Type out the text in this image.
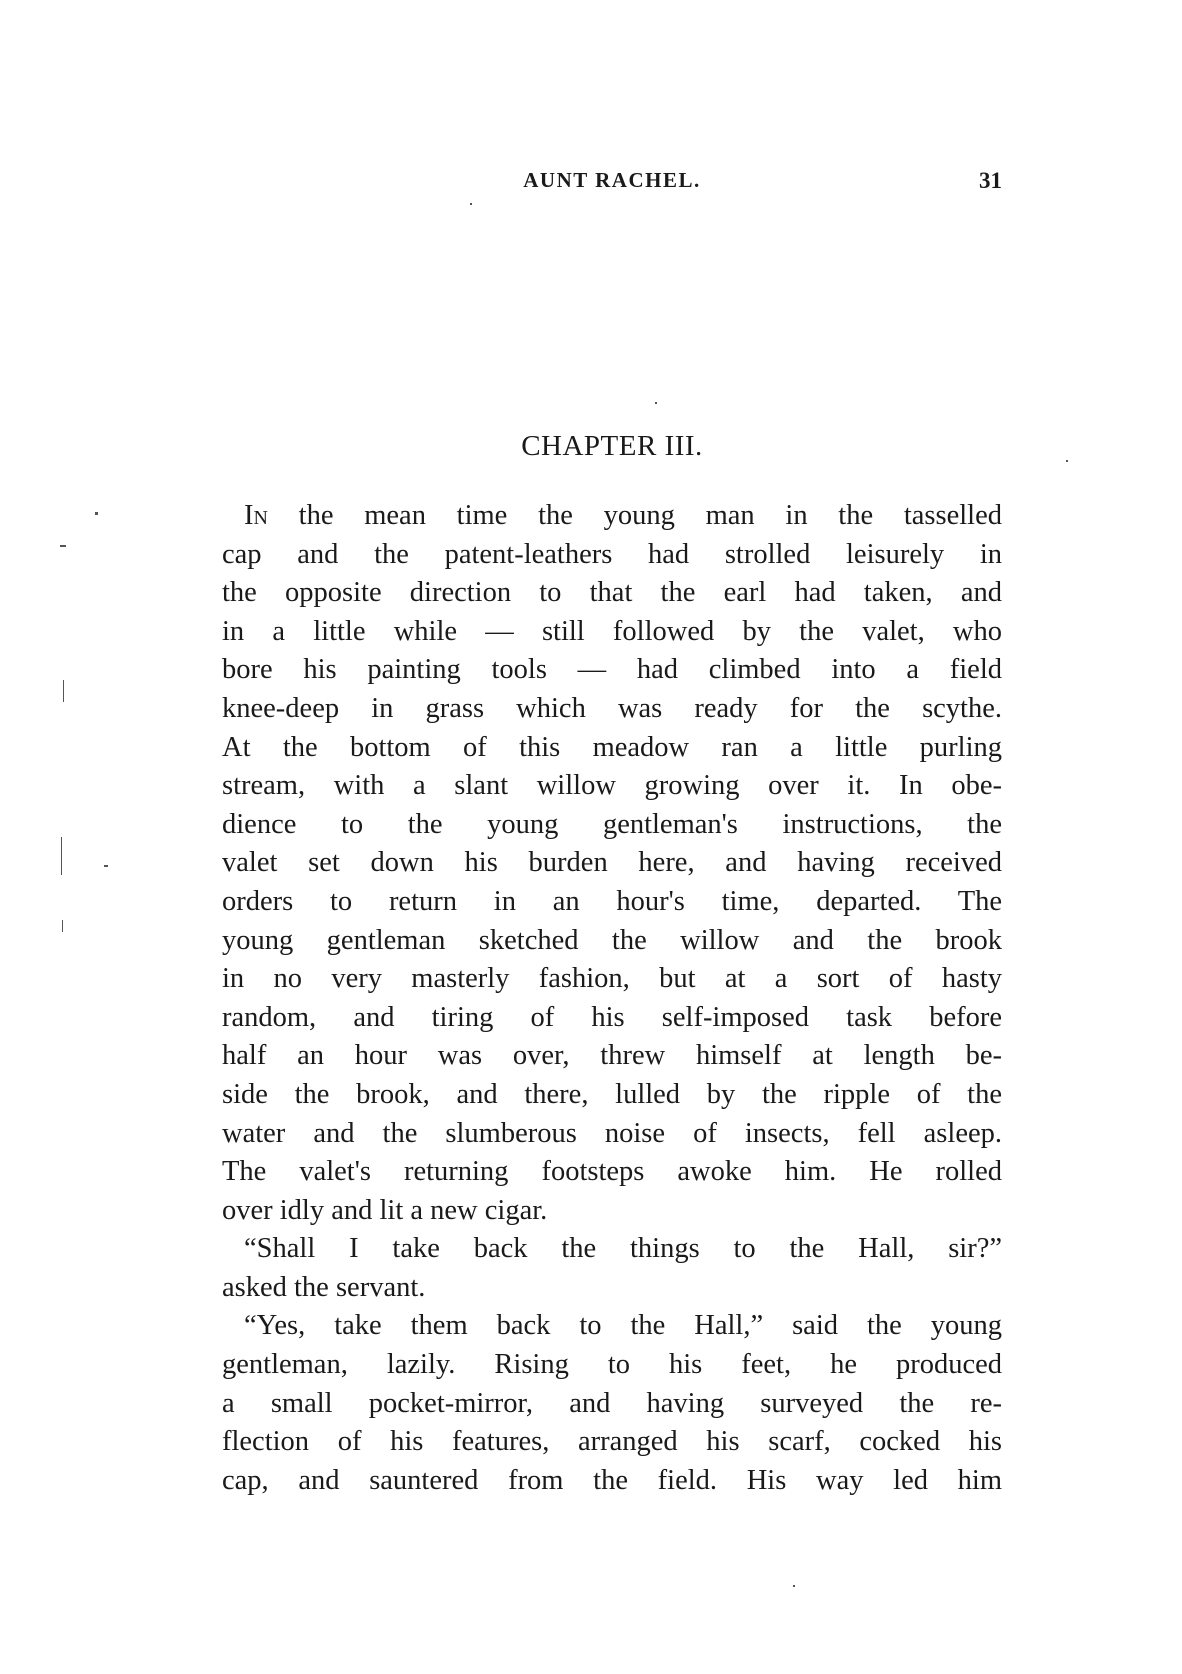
AUNT RACHEL.	31
CHAPTER III.
In the mean time the young man in the tasselled
cap and the patent-leathers had strolled leisurely in
the opposite direction to that the earl had taken, and
in a little while — still followed by the valet, who
bore his painting tools — had climbed into a field
knee-deep in grass which was ready for the scythe.
At the bottom of this meadow ran a little purling
stream, with a slant willow growing over it. In obe-
dience to the young gentleman's instructions, the
valet set down his burden here, and having received
orders to return in an hour's time, departed. The
young gentleman sketched the willow and the brook
in no very masterly fashion, but at a sort of hasty
random, and tiring of his self-imposed task before
half an hour was over, threw himself at length be-
side the brook, and there, lulled by the ripple of the
water and the slumberous noise of insects, fell asleep.
The valet's returning footsteps awoke him. He rolled
over idly and lit a new cigar.
“Shall I take back the things to the Hall, sir?”
asked the servant.
“Yes, take them back to the Hall,” said the young
gentleman, lazily. Rising to his feet, he produced
a small pocket-mirror, and having surveyed the re-
flection of his features, arranged his scarf, cocked his
cap, and sauntered from the field. His way led him
